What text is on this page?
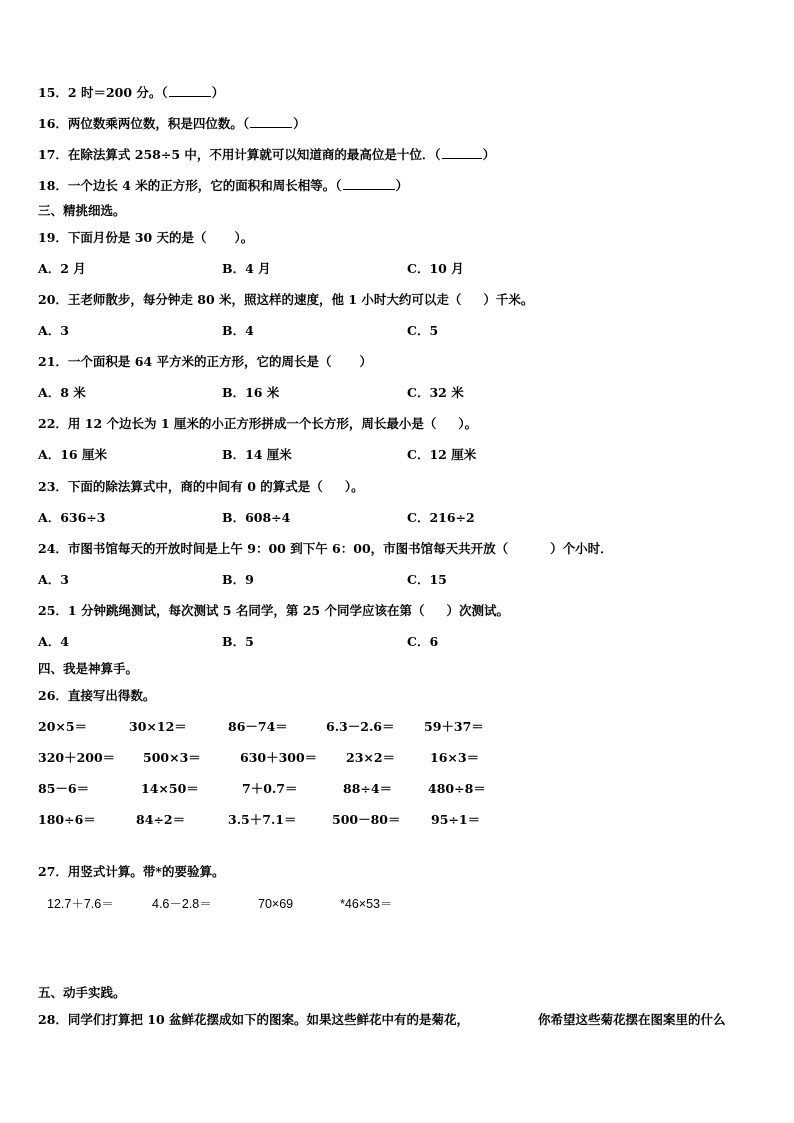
15．2 时＝200 分。（	）
16．两位数乘两位数，积是四位数。（	）
17．在除法算式 258÷5 中，不用计算就可以知道商的最高位是十位．（	）
18．一个边长 4 米的正方形，它的面积和周长相等。（	）
三、精挑细选。
19．下面月份是 30 天的是（ ）。
A．2 月	B．4 月	C．10 月
20．王老师散步，每分钟走 80 米，照这样的速度，他 1 小时大约可以走（ ）千米。
A．3	B．4	C．5
21．一个面积是 64 平方米的正方形，它的周长是（ ）
A．8 米	B．16 米	C．32 米
22．用 12 个边长为 1 厘米的小正方形拼成一个长方形，周长最小是（ ）。
A．16 厘米	B．14 厘米	C．12 厘米
23．下面的除法算式中，商的中间有 0 的算式是（ ）。
A．636÷3	B．608÷4	C．216÷2
24．市图书馆每天的开放时间是上午 9：00 到下午 6：00，市图书馆每天共开放（	）个小时．
A．3	B．9	C．15
25．1 分钟跳绳测试，每次测试 5 名同学，第 25 个同学应该在第（ ）次测试。
A．4	B．5	C．6
四、我是神算手。
26．直接写出得数。
20×5＝	30×12＝	86－74＝	6.3－2.6＝ 59＋37＝
320＋200＝ 500×3＝	630＋300＝ 23×2＝	16×3＝
85－6＝	14×50＝	7＋0.7＝	88÷4＝	480÷8＝
180÷6＝	84÷2＝	3.5＋7.1＝	500－80＝ 95÷1＝
27．用竖式计算。带*的要验算。
12.7＋7.6＝	4.6－2.8＝	70×69	*46×53＝
五、动手实践。
28．同学们打算把 10 盆鲜花摆成如下的图案。如果这些鲜花中有的是菊花，	你希望这些菊花摆在图案里的什么
